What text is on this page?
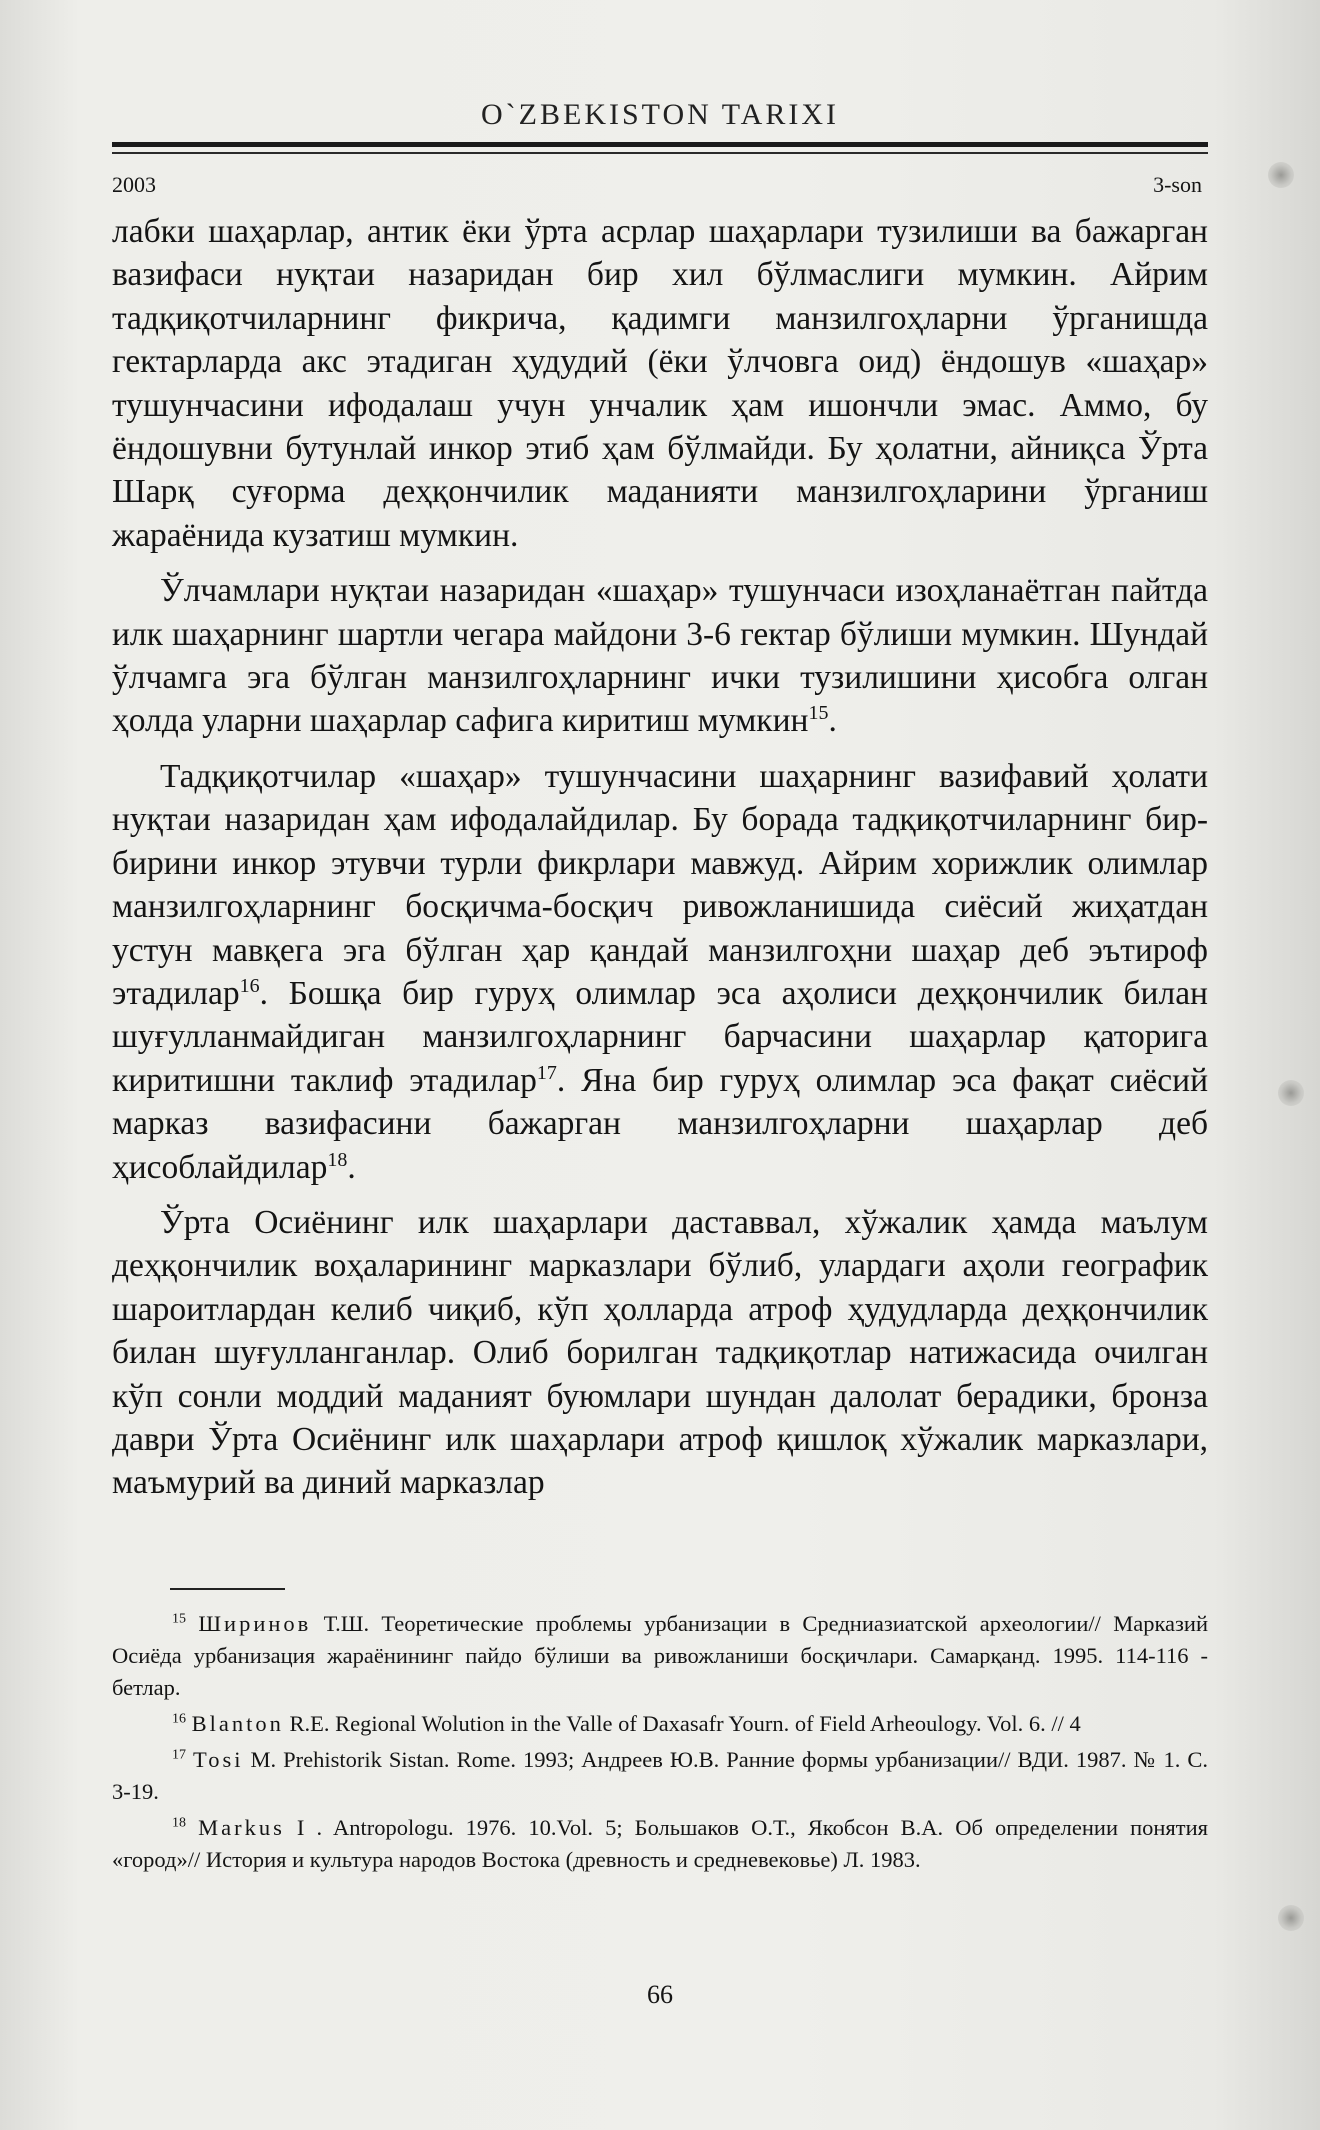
O`ZBEKISTON TARIXI
2003	3-son

лабки шаҳарлар, антик ёки ўрта асрлар шаҳарлари тузилиши ва бажарган вазифаси нуқтаи назаридан бир хил бўлмаслиги мумкин. Айрим тадқиқотчиларнинг фикрича, қадимги манзилгоҳларни ўрганишда гектарларда акс этадиган ҳудудий (ёки ўлчовга оид) ёндошув «шаҳар» тушунчасини ифодалаш учун унчалик ҳам ишончли эмас. Аммо, бу ёндошувни бутунлай инкор этиб ҳам бўлмайди. Бу ҳолатни, айниқса Ўрта Шарқ суғорма деҳқончилик маданияти манзилгоҳларини ўрганиш жараёнида кузатиш мумкин.

Ўлчамлари нуқтаи назаридан «шаҳар» тушунчаси изоҳланаётган пайтда илк шаҳарнинг шартли чегара майдони 3-6 гектар бўлиши мумкин. Шундай ўлчамга эга бўлган манзилгоҳларнинг ички тузилишини ҳисобга олган ҳолда уларни шаҳарлар сафига киритиш мумкин$^{15}$.

Тадқиқотчилар «шаҳар» тушунчасини шаҳарнинг вазифавий ҳолати нуқтаи назаридан ҳам ифодалайдилар. Бу борада тадқиқотчиларнинг бир-бирини инкор этувчи турли фикрлари мавжуд. Айрим хорижлик олимлар манзилгоҳларнинг босқичма-босқич ривожланишида сиёсий жиҳатдан устун мавқега эга бўлган ҳар қандай манзилгоҳни шаҳар деб эътироф этадилар$^{16}$. Бошқа бир гуруҳ олимлар эса аҳолиси деҳқончилик билан шуғулланмайдиган манзилгоҳларнинг барчасини шаҳарлар қаторига киритишни таклиф этадилар$^{17}$. Яна бир гуруҳ олимлар эса фақат сиёсий марказ вазифасини бажарган манзилгоҳларни шаҳарлар деб ҳисоблайдилар$^{18}$.

Ўрта Осиёнинг илк шаҳарлари даставвал, хўжалик ҳамда маълум деҳқончилик воҳаларининг марказлари бўлиб, улардаги аҳоли географик шароитлардан келиб чиқиб, кўп ҳолларда атроф ҳудудларда деҳқончилик билан шуғулланганлар. Олиб борилган тадқиқотлар натижасида очилган кўп сонли моддий маданият буюмлари шундан далолат берадики, бронза даври Ўрта Осиёнинг илк шаҳарлари атроф қишлоқ хўжалик марказлари, маъмурий ва диний марказлар

$^{15}$ Ширинов Т.Ш. Теоретические проблемы урбанизации в Средниазиатской археологии// Марказий Осиёда урбанизация жараёнининг пайдо бўлиши ва ривожланиши босқичлари. Самарқанд. 1995. 114-116 - бетлар.

$^{16}$ Blanton R.E. Regional Wolution in the Valle of Daxasafr Yourn. of Field Arheoulogy. Vol. 6. // 4

$^{17}$ Tosi M. Prehistorik Sistan. Rome. 1993; Андреев Ю.В. Ранние формы урбанизации// ВДИ. 1987. № 1. С. 3-19.

$^{18}$ Markus I . Antropologu. 1976. 10.Vol. 5; Большаков О.Т., Якобсон В.А. Об определении понятия «город»// История и культура народов Востока (древность и средневековье) Л. 1983.

66
